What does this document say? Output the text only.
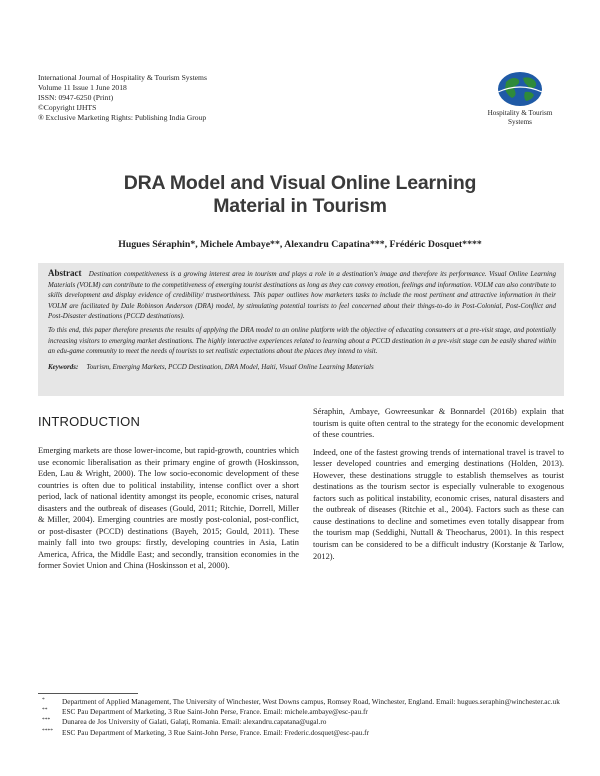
International Journal of Hospitality & Tourism Systems
Volume 11 Issue 1 June 2018
ISSN: 0947-6250 (Print)
©Copyright IJHTS
® Exclusive Marketing Rights: Publishing India Group	Hospitality & Tourism
Systems
DRA Model and Visual Online Learning
Material in Tourism
Hugues Séraphin*, Michele Ambaye**, Alexandru Capatina***, Frédéric Dosquet****

Abstract Destination competitiveness is a growing interest area in tourism and plays a role in a destination's image and therefore its performance. Visual Online Learning Materials (VOLM) can contribute to the competitiveness of emerging tourist destinations as long as they can convey emotion, feelings and information. VOLM can also contribute to skills development and display evidence of credibility/ trustworthiness. This paper outlines how marketers tasks to include the most pertinent and attractive information in their VOLM are facilitated by Dale Robinson Anderson (DRA) model, by stimulating potential tourists to feel concerned about their things-to-do in Post-Colonial, Post-Conflict and Post-Disaster destinations (PCCD destinations).

To this end, this paper therefore presents the results of applying the DRA model to an online platform with the objective of educating consumers at a pre-visit stage, and potentially increasing visitors to emerging market destinations. The highly interactive experiences related to learning about a PCCD destination in a pre-visit stage can be easily shared within an edu-game community to meet the needs of tourists to set realistic expectations about the places they intend to visit.

Keywords: Tourism, Emerging Markets, PCCD Destination, DRA Model, Haiti, Visual Online Learning Materials
INTRODUCTION

Emerging markets are those lower-income, but rapid-growth, countries which use economic liberalisation as their primary engine of growth (Hoskinsson, Eden, Lau & Wright, 2000). The low socio-economic development of these countries is often due to political instability, intense conflict over a short period, lack of national identity amongst its people, economic crises, natural disasters and the outbreak of diseases (Gould, 2011; Ritchie, Dorrell, Miller & Miller, 2004). Emerging countries are mostly post-colonial, post-conflict, or post-disaster (PCCD) destinations (Bayeh, 2015; Gould, 2011). These mainly fall into two groups: firstly, developing countries in Asia, Latin America, Africa, the Middle East; and secondly, transition economies in the former Soviet Union and China (Hoskinsson et al, 2000).

Séraphin, Ambaye, Gowreesunkar & Bonnardel (2016b) explain that tourism is quite often central to the strategy for the economic development of these countries.

Indeed, one of the fastest growing trends of international travel is travel to lesser developed countries and emerging destinations (Holden, 2013). However, these destinations struggle to establish themselves as tourist destinations as the tourism sector is especially vulnerable to exogenous factors such as political instability, economic crises, natural disasters and the outbreak of diseases (Ritchie et al., 2004). Factors such as these can cause destinations to decline and sometimes even totally disappear from the tourism map (Seddighi, Nuttall & Theocharus, 2001). In this respect tourism can be considered to be a difficult industry (Korstanje & Tarlow, 2012).

* Department of Applied Management, The University of Winchester, West Downs campus, Romsey Road, Winchester, England. Email: hugues.seraphin@winchester.ac.uk
** ESC Pau Department of Marketing, 3 Rue Saint-John Perse, France. Email: michele.ambaye@esc-pau.fr
*** Dunarea de Jos University of Galati, Galaţi, Romania. Email: alexandru.capatana@ugal.ro
**** ESC Pau Department of Marketing, 3 Rue Saint-John Perse, France. Email: Frederic.dosquet@esc-pau.fr
